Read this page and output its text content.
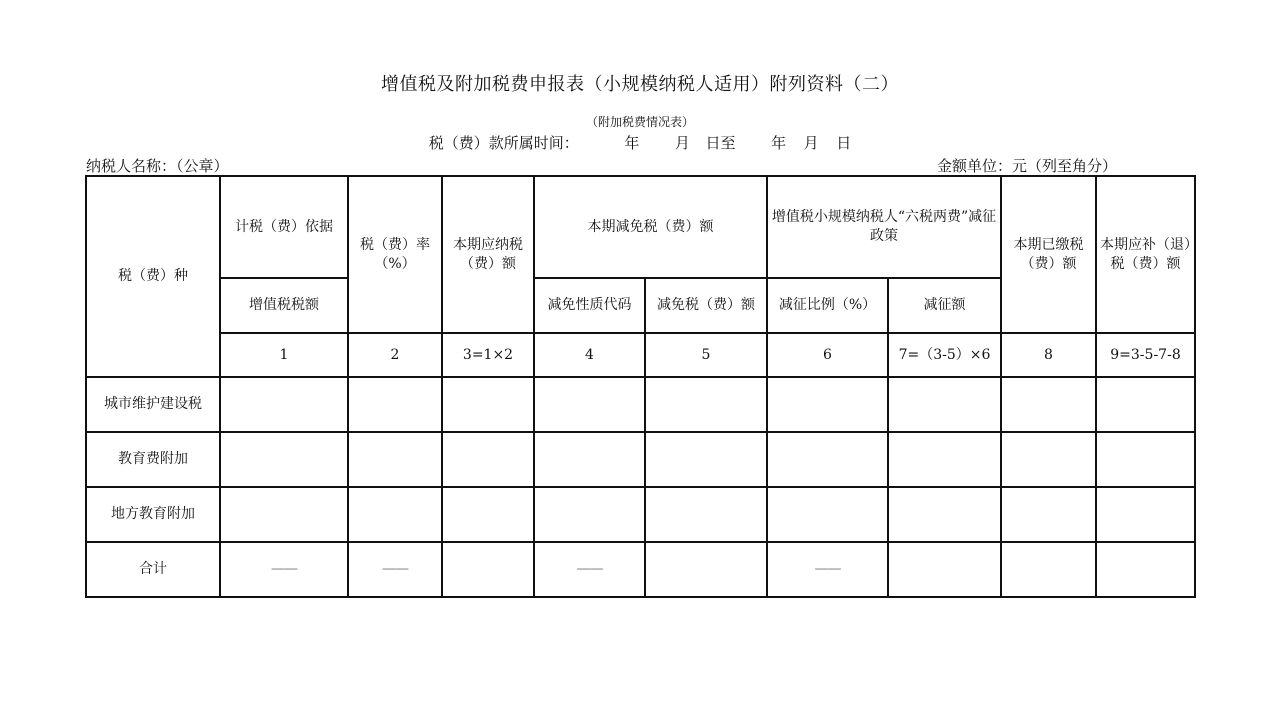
增值税及附加税费申报表（小规模纳税人适用）附列资料（二）
（附加税费情况表）
税（费）款所属时间：	年 月 日至 年 月 日
纳税人名称：（公章）	金额单位：元（列至角分）
税（费）种	计税（费）依据	税（费）率（%）	本期应纳税（费）额	本期减免税（费）额		增值税小规模纳税人“六税两费”减征政策		本期已缴税（费）额	本期应补（退）税（费）额
	增值税税额			减免性质代码	减免税（费）额	减征比例（%）	减征额		
	1	2	3=1×2	4	5	6	7=（3-5）×6	8	9=3-5-7-8
城市维护建设税									
教育费附加									
地方教育附加									
合计	——	——		——		——			
